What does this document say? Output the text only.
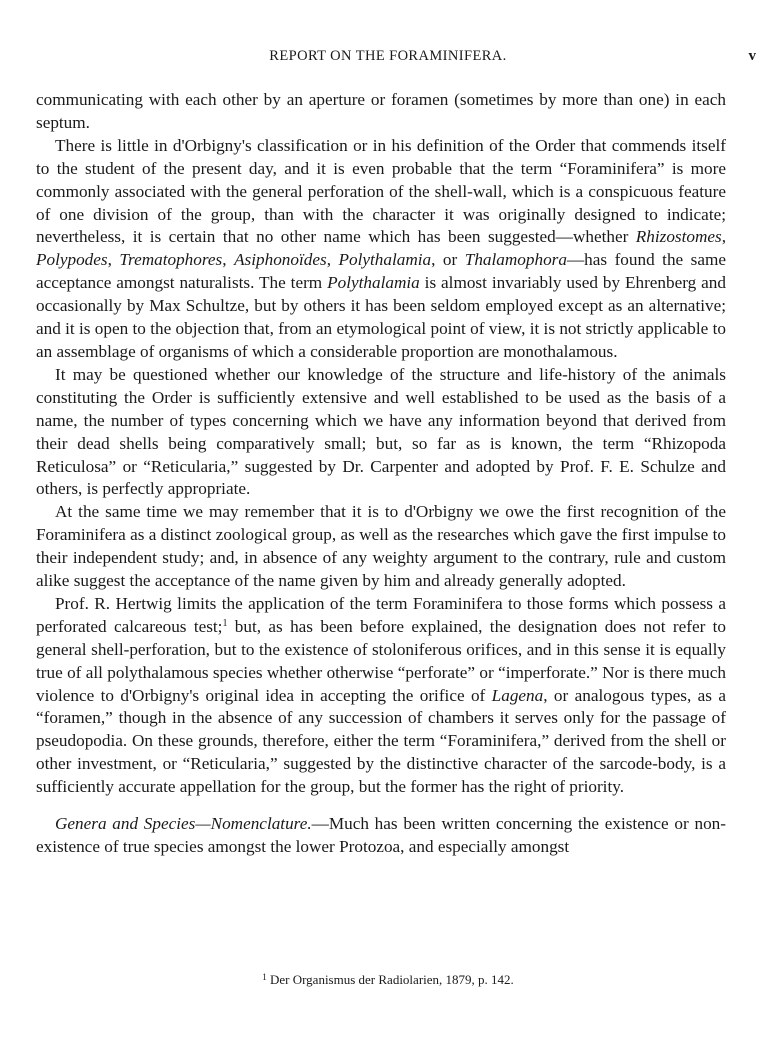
REPORT ON THE FORAMINIFERA.	v

communicating with each other by an aperture or foramen (sometimes by more than one) in each septum.

There is little in d'Orbigny's classification or in his definition of the Order that commends itself to the student of the present day, and it is even probable that the term “Foraminifera” is more commonly associated with the general perforation of the shell-wall, which is a conspicuous feature of one division of the group, than with the character it was originally designed to indicate; nevertheless, it is certain that no other name which has been suggested—whether Rhizostomes, Polypodes, Trematophores, Asiphonoïdes, Polythalamia, or Thalamophora—has found the same acceptance amongst naturalists. The term Polythalamia is almost invariably used by Ehrenberg and occasionally by Max Schultze, but by others it has been seldom employed except as an alternative; and it is open to the objection that, from an etymological point of view, it is not strictly applicable to an assemblage of organisms of which a considerable proportion are monothalamous.

It may be questioned whether our knowledge of the structure and life-history of the animals constituting the Order is sufficiently extensive and well established to be used as the basis of a name, the number of types concerning which we have any information beyond that derived from their dead shells being comparatively small; but, so far as is known, the term “Rhizopoda Reticulosa” or “Reticularia,” suggested by Dr. Carpenter and adopted by Prof. F. E. Schulze and others, is perfectly appropriate.

At the same time we may remember that it is to d'Orbigny we owe the first recognition of the Foraminifera as a distinct zoological group, as well as the researches which gave the first impulse to their independent study; and, in absence of any weighty argument to the contrary, rule and custom alike suggest the acceptance of the name given by him and already generally adopted.

Prof. R. Hertwig limits the application of the term Foraminifera to those forms which possess a perforated calcareous test;$^1$ but, as has been before explained, the designation does not refer to general shell-perforation, but to the existence of stoloniferous orifices, and in this sense it is equally true of all polythalamous species whether otherwise “perforate” or “imperforate.” Nor is there much violence to d'Orbigny's original idea in accepting the orifice of Lagena, or analogous types, as a “foramen,” though in the absence of any succession of chambers it serves only for the passage of pseudopodia. On these grounds, therefore, either the term “Foraminifera,” derived from the shell or other investment, or “Reticularia,” suggested by the distinctive character of the sarcode-body, is a sufficiently accurate appellation for the group, but the former has the right of priority.

Genera and Species—Nomenclature.—Much has been written concerning the existence or non-existence of true species amongst the lower Protozoa, and especially amongst

$^1$ Der Organismus der Radiolarien, 1879, p. 142.
